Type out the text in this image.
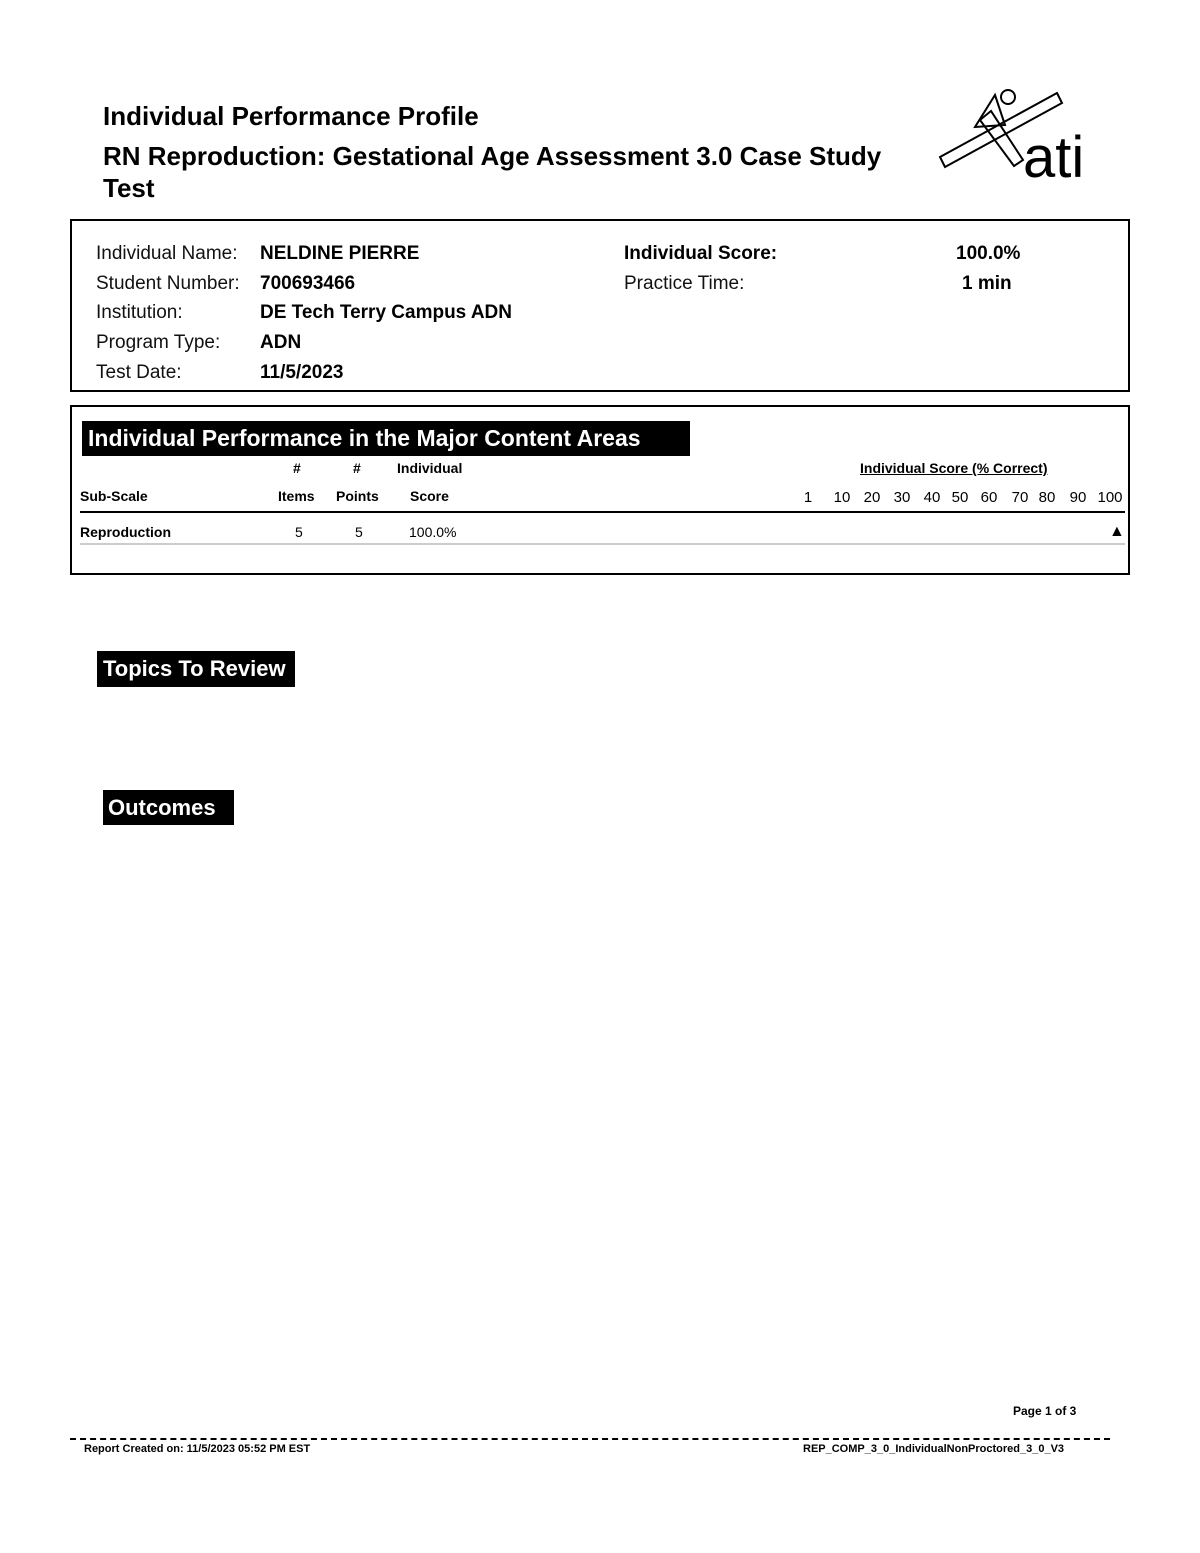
Individual Performance Profile
RN Reproduction: Gestational Age Assessment 3.0 Case Study Test	ati
Individual Name: NELDINE PIERRE
Student Number: 700693466
Institution:	DE Tech Terry Campus ADN
Program Type: ADN
Test Date:	11/5/2023
Individual Score:	100.0%
Practice Time:	1 min
Individual Performance in the Major Content Areas
#	#	Individual	Individual Score (% Correct)
Sub-Scale	Items Points Score	1 10 20 30 40 50 60 70 80 90 100
Reproduction	5	5	100.0%	▲
Topics To Review
Outcomes
Page 1 of 3
Report Created on: 11/5/2023 05:52 PM EST	REP_COMP_3_0_IndividualNonProctored_3_0_V3
